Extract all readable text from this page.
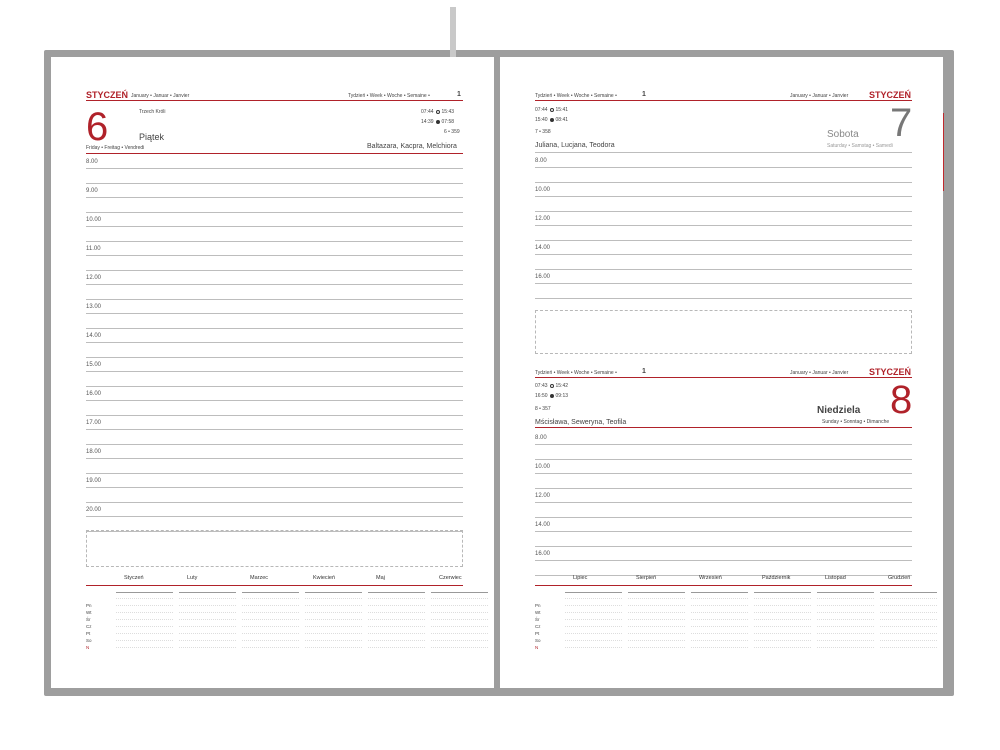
STYCZEŃ January • Januar • Janvier	Tydzień • Week • Woche • Semaine •	1
6	Trzech Króli
Piątek
Friday • Freitag • Vendredi
07:44 15:43
14:39 07:58
6 • 359
Baltazara, Kacpra, Melchiora
8.00
9.00
10.00
11.00
12.00
13.00
14.00
15.00
16.00
17.00
18.00
19.00
20.00
Styczeń	Luty	Marzec	Kwiecień	Maj	Czerwiec
Pn
Wt
Śr
Cz
Pt
So
N
Tydzień • Week • Woche • Semaine •	1	January • Januar • Janvier STYCZEŃ
07:44 15:41
15:40 08:41
7 • 358
Juliana, Lucjana, Teodora
Sobota
Saturday • Samstag • Samedi
7
8.00
10.00
12.00
14.00
16.00
Tydzień • Week • Woche • Semaine •	1	January • Januar • Janvier STYCZEŃ
07:43 15:42
16:50 09:13
8 • 357
Mścisława, Seweryna, Teofila
Niedziela
Sunday • Sonntag • Dimanche 8
8.00
10.00
12.00
14.00
16.00
Lipiec	Sierpień	Wrzesień	Październik	Listopad	Grudzień
Pn
Wt
Śr
Cz
Pt
So
N
